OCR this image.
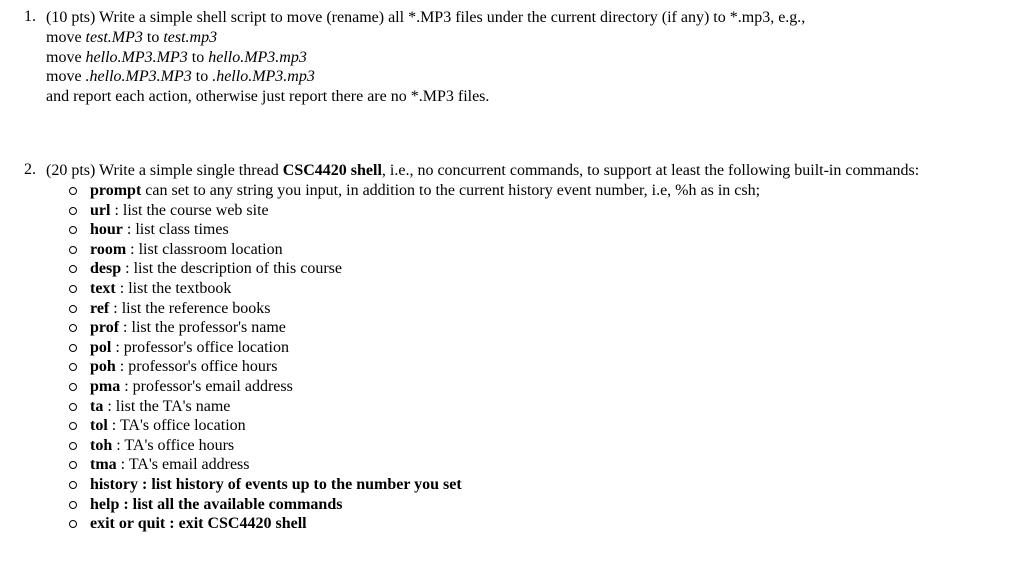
1. (10 pts) Write a simple shell script to move (rename) all *.MP3 files under the current directory (if any) to *.mp3, e.g.,
move test.MP3 to test.mp3
move hello.MP3.MP3 to hello.MP3.mp3
move .hello.MP3.MP3 to .hello.MP3.mp3
and report each action, otherwise just report there are no *.MP3 files.
2. (20 pts) Write a simple single thread CSC4420 shell, i.e., no concurrent commands, to support at least the following built-in commands:
prompt can set to any string you input, in addition to the current history event number, i.e, %h as in csh;
url : list the course web site
hour : list class times
room : list classroom location
desp : list the description of this course
text : list the textbook
ref : list the reference books
prof : list the professor's name
pol : professor's office location
poh : professor's office hours
pma : professor's email address
ta : list the TA's name
tol : TA's office location
toh : TA's office hours
tma : TA's email address
history : list history of events up to the number you set
help : list all the available commands
exit or quit : exit CSC4420 shell
